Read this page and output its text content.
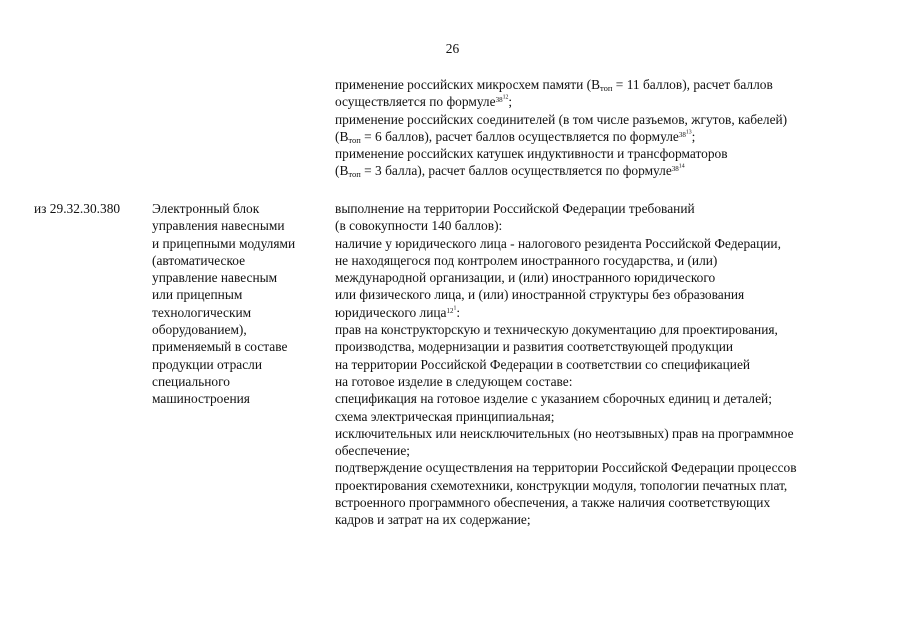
26
применение российских микросхем памяти ($В_{топ} = 11$ баллов), расчет баллов
осуществляется по формуле$^{38^{12}}$;
применение российских соединителей (в том числе разъемов, жгутов, кабелей)
($В_{топ} = 6$ баллов), расчет баллов осуществляется по формуле$^{38^{13}}$;
применение российских катушек индуктивности и трансформаторов
($В_{топ} = 3$ балла), расчет баллов осуществляется по формуле$^{38^{14}}$
из 29.32.30.380 Электронный блок
управления навесными
и прицепными модулями
(автоматическое
управление навесным
или прицепным
технологическим
оборудованием),
применяемый в составе
продукции отрасли
специального
машиностроения
выполнение на территории Российской Федерации требований
(в совокупности 140 баллов):
наличие у юридического лица - налогового резидента Российской Федерации,
не находящегося под контролем иностранного государства, и (или)
международной организации, и (или) иностранного юридического
или физического лица, и (или) иностранной структуры без образования
юридического лица$^{12^1}$:
прав на конструкторскую и техническую документацию для проектирования,
производства, модернизации и развития соответствующей продукции
на территории Российской Федерации в соответствии со спецификацией
на готовое изделие в следующем составе:
спецификация на готовое изделие с указанием сборочных единиц и деталей;
схема электрическая принципиальная;
исключительных или неисключительных (но неотзывных) прав на программное
обеспечение;
подтверждение осуществления на территории Российской Федерации процессов
проектирования схемотехники, конструкции модуля, топологии печатных плат,
встроенного программного обеспечения, а также наличия соответствующих
кадров и затрат на их содержание;
